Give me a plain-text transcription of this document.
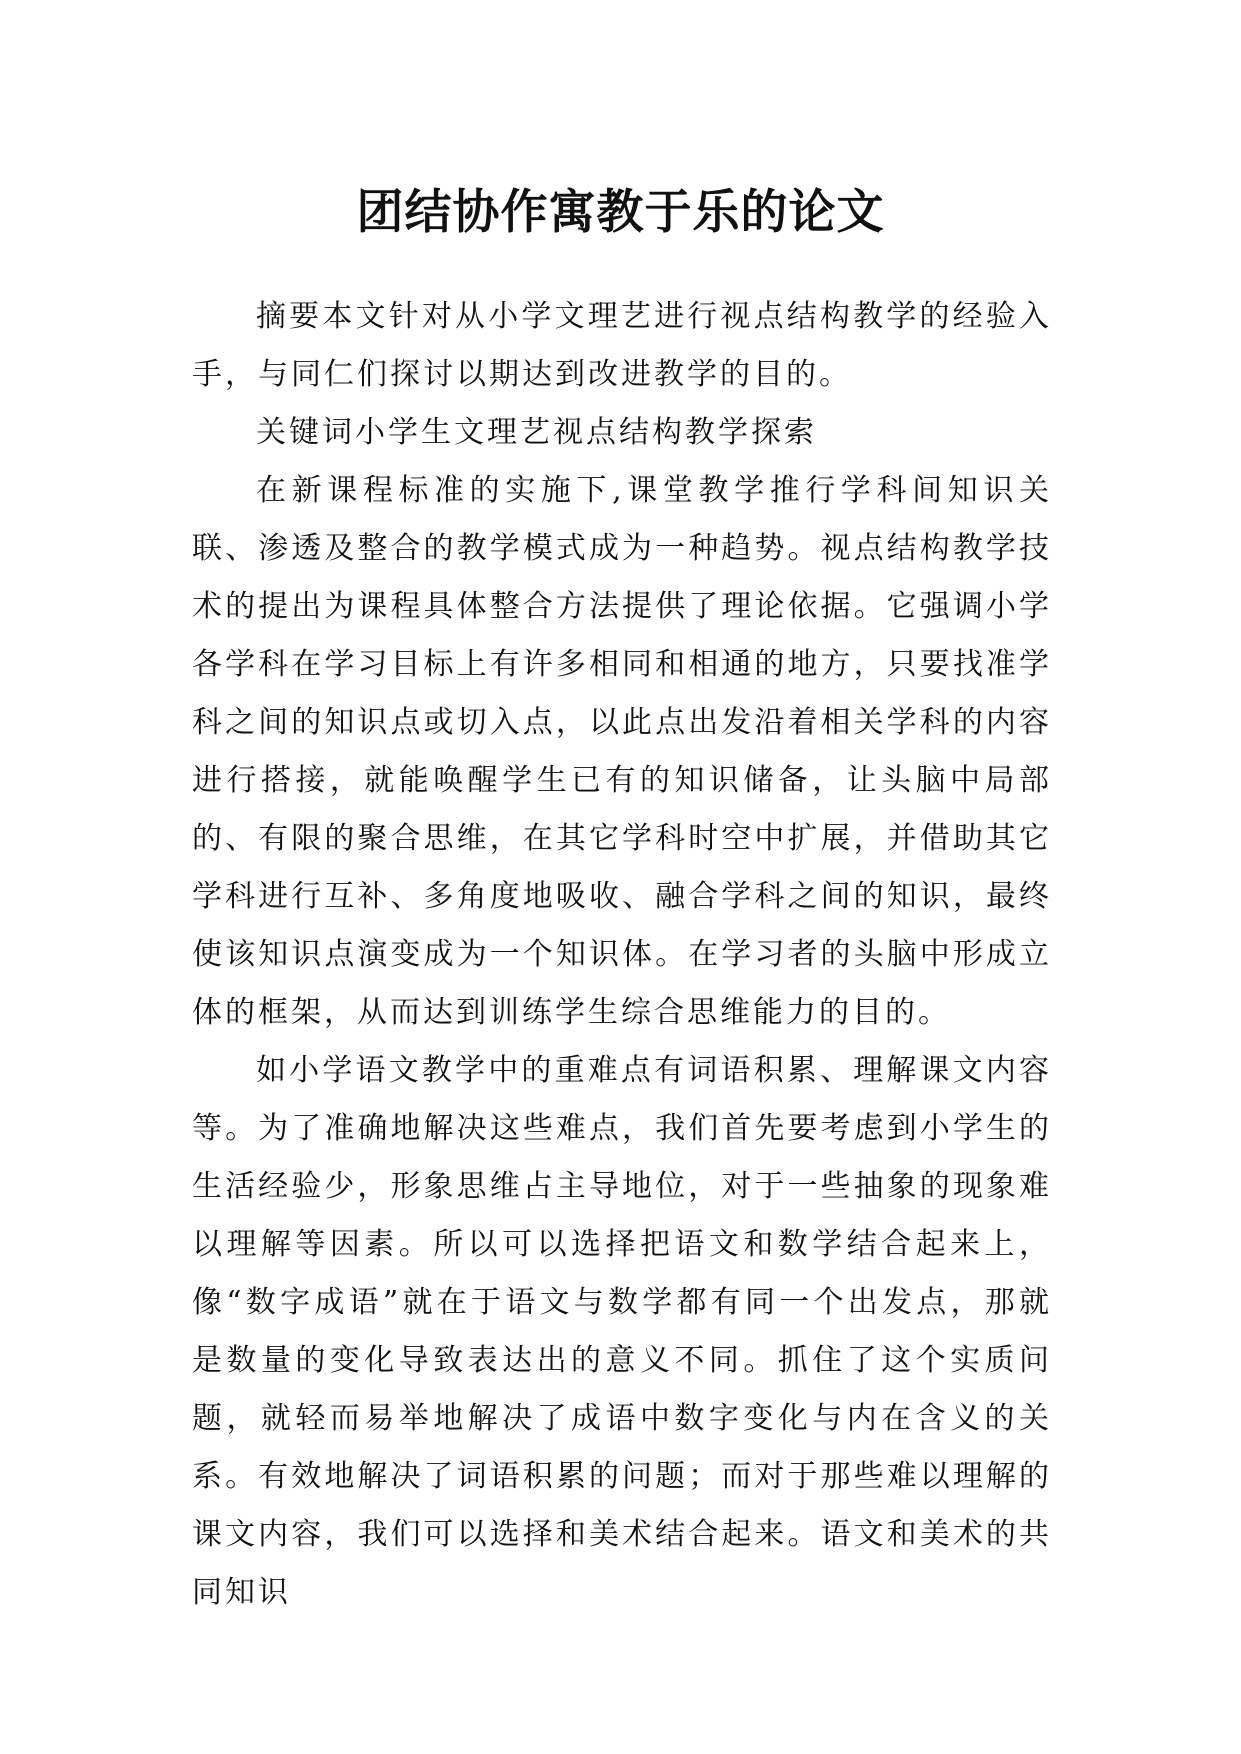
团结协作寓教于乐的论文

摘要本文针对从小学文理艺进行视点结构教学的经验入手，与同仁们探讨以期达到改进教学的目的。

关键词小学生文理艺视点结构教学探索

在新课程标准的实施下,课堂教学推行学科间知识关联、渗透及整合的教学模式成为一种趋势。视点结构教学技术的提出为课程具体整合方法提供了理论依据。它强调小学各学科在学习目标上有许多相同和相通的地方，只要找准学科之间的知识点或切入点，以此点出发沿着相关学科的内容进行搭接，就能唤醒学生已有的知识储备，让头脑中局部的、有限的聚合思维，在其它学科时空中扩展，并借助其它学科进行互补、多角度地吸收、融合学科之间的知识，最终使该知识点演变成为一个知识体。在学习者的头脑中形成立体的框架，从而达到训练学生综合思维能力的目的。

如小学语文教学中的重难点有词语积累、理解课文内容等。为了准确地解决这些难点，我们首先要考虑到小学生的生活经验少，形象思维占主导地位，对于一些抽象的现象难以理解等因素。所以可以选择把语文和数学结合起来上，像“数字成语”就在于语文与数学都有同一个出发点，那就是数量的变化导致表达出的意义不同。抓住了这个实质问题，就轻而易举地解决了成语中数字变化与内在含义的关系。有效地解决了词语积累的问题；而对于那些难以理解的课文内容，我们可以选择和美术结合起来。语文和美术的共同知识
